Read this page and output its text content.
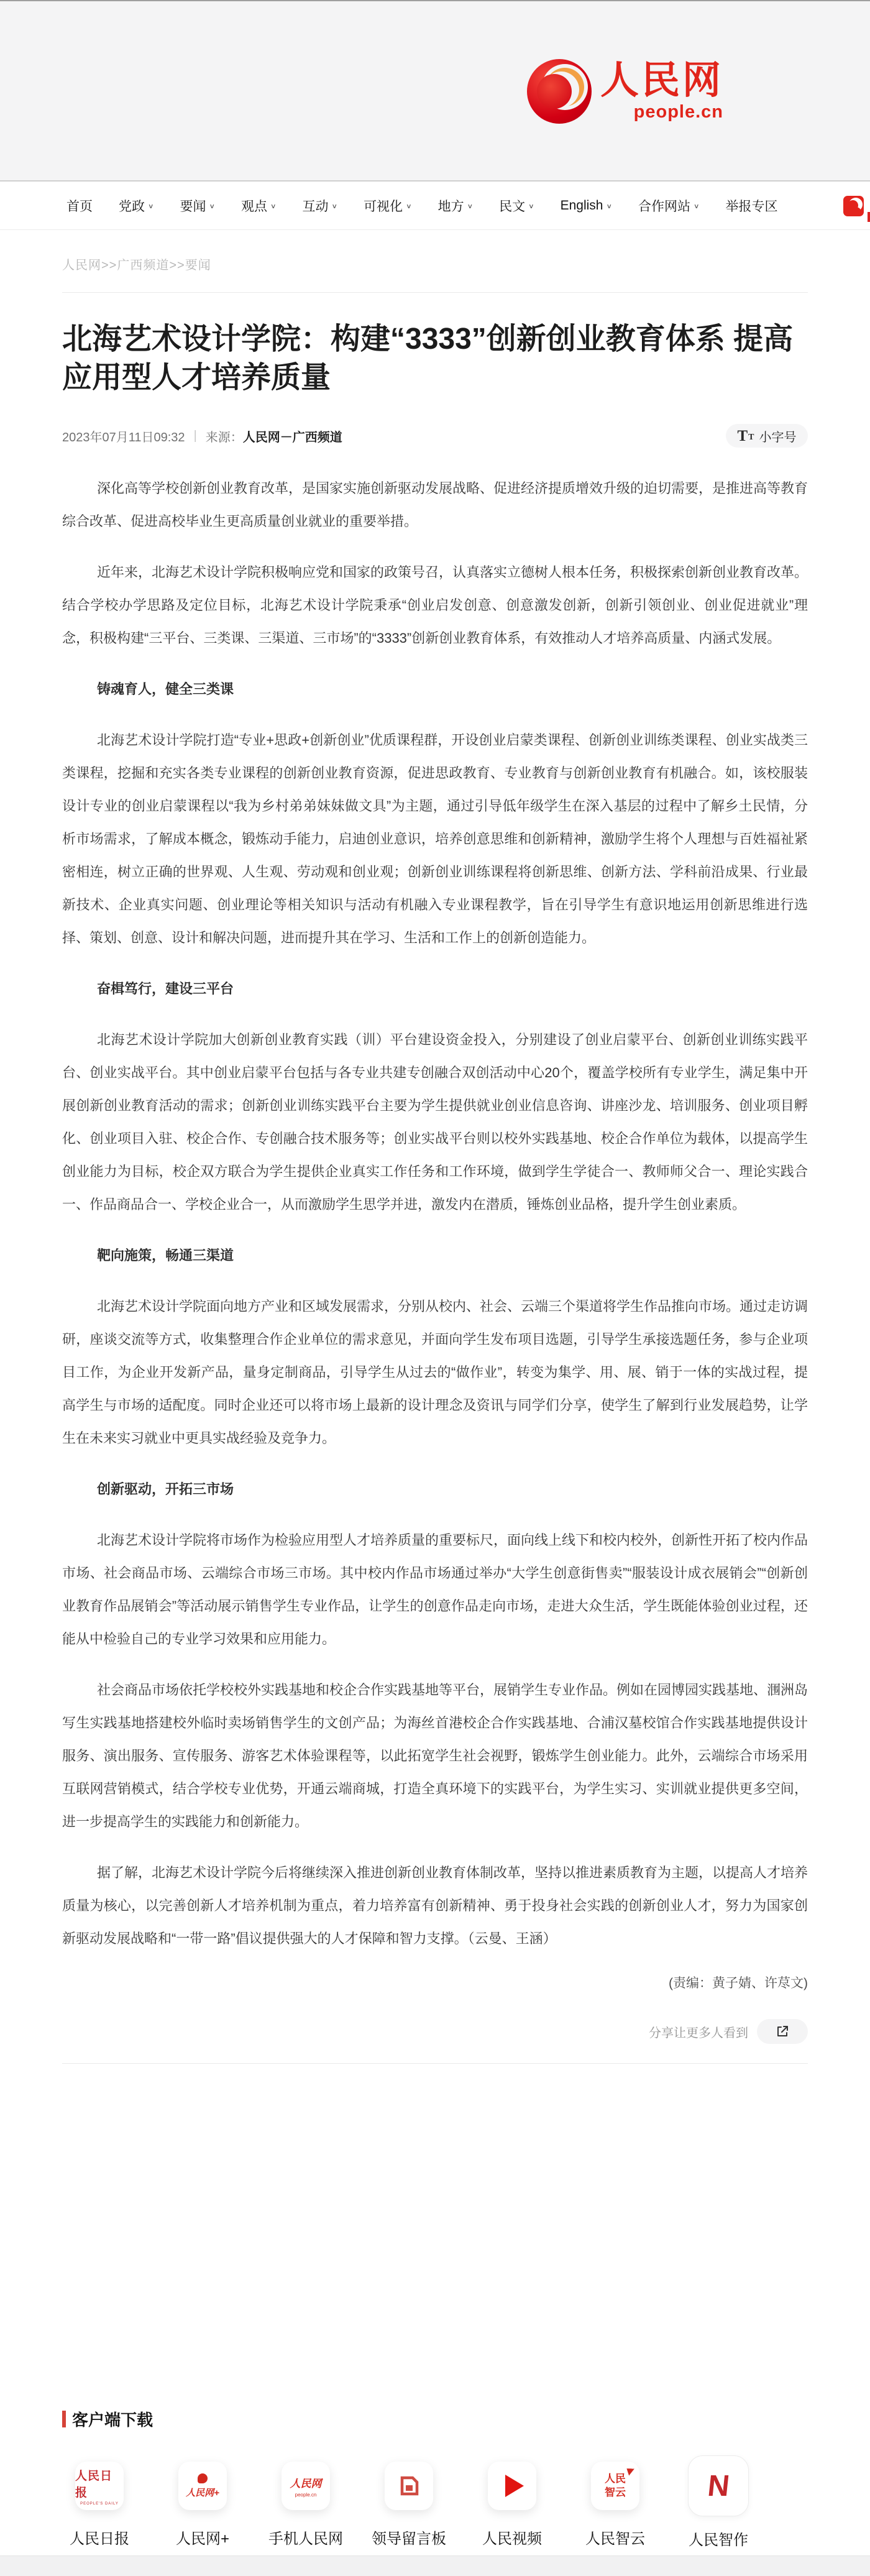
人民网
people.cn
首页 党政 ∨ 要闻 ∨ 观点 ∨ 互动 ∨ 可视化 ∨ 地方 ∨ 民文 ∨ English ∨ 合作网站 ∨ 举报专区
人民网>>广西频道>>要闻
北海艺术设计学院：构建“3333”创新创业教育体系 提高应用型人才培养质量
2023年07月11日09:32 | 来源： 人民网－广西频道	T T 小字号

深化高等学校创新创业教育改革，是国家实施创新驱动发展战略、促进经济提质增效升级的迫切需要，是推进高等教育综合改革、促进高校毕业生更高质量创业就业的重要举措。

近年来，北海艺术设计学院积极响应党和国家的政策号召，认真落实立德树人根本任务，积极探索创新创业教育改革。结合学校办学思路及定位目标，北海艺术设计学院秉承“创业启发创意、创意激发创新，创新引领创业、创业促进就业”理念，积极构建“三平台、三类课、三渠道、三市场”的“3333”创新创业教育体系，有效推动人才培养高质量、内涵式发展。

铸魂育人，健全三类课

北海艺术设计学院打造“专业+思政+创新创业”优质课程群，开设创业启蒙类课程、创新创业训练类课程、创业实战类三类课程，挖掘和充实各类专业课程的创新创业教育资源，促进思政教育、专业教育与创新创业教育有机融合。如，该校服装设计专业的创业启蒙课程以“我为乡村弟弟妹妹做文具”为主题，通过引导低年级学生在深入基层的过程中了解乡土民情，分析市场需求，了解成本概念，锻炼动手能力，启迪创业意识，培养创意思维和创新精神，激励学生将个人理想与百姓福祉紧密相连，树立正确的世界观、人生观、劳动观和创业观；创新创业训练课程将创新思维、创新方法、学科前沿成果、行业最新技术、企业真实问题、创业理论等相关知识与活动有机融入专业课程教学，旨在引导学生有意识地运用创新思维进行选择、策划、创意、设计和解决问题，进而提升其在学习、生活和工作上的创新创造能力。

奋楫笃行，建设三平台

北海艺术设计学院加大创新创业教育实践（训）平台建设资金投入，分别建设了创业启蒙平台、创新创业训练实践平台、创业实战平台。其中创业启蒙平台包括与各专业共建专创融合双创活动中心20个，覆盖学校所有专业学生，满足集中开展创新创业教育活动的需求；创新创业训练实践平台主要为学生提供就业创业信息咨询、讲座沙龙、培训服务、创业项目孵化、创业项目入驻、校企合作、专创融合技术服务等；创业实战平台则以校外实践基地、校企合作单位为载体，以提高学生创业能力为目标，校企双方联合为学生提供企业真实工作任务和工作环境，做到学生学徒合一、教师师父合一、理论实践合一、作品商品合一、学校企业合一，从而激励学生思学并进，激发内在潜质，锤炼创业品格，提升学生创业素质。

靶向施策，畅通三渠道

北海艺术设计学院面向地方产业和区域发展需求，分别从校内、社会、云端三个渠道将学生作品推向市场。通过走访调研，座谈交流等方式，收集整理合作企业单位的需求意见，并面向学生发布项目选题，引导学生承接选题任务，参与企业项目工作，为企业开发新产品，量身定制商品，引导学生从过去的“做作业”，转变为集学、用、展、销于一体的实战过程，提高学生与市场的适配度。同时企业还可以将市场上最新的设计理念及资讯与同学们分享，使学生了解到行业发展趋势，让学生在未来实习就业中更具实战经验及竞争力。

创新驱动，开拓三市场

北海艺术设计学院将市场作为检验应用型人才培养质量的重要标尺，面向线上线下和校内校外，创新性开拓了校内作品市场、社会商品市场、云端综合市场三市场。其中校内作品市场通过举办“大学生创意街售卖”“服装设计成衣展销会”“创新创业教育作品展销会”等活动展示销售学生专业作品，让学生的创意作品走向市场，走进大众生活，学生既能体验创业过程，还能从中检验自己的专业学习效果和应用能力。

社会商品市场依托学校校外实践基地和校企合作实践基地等平台，展销学生专业作品。例如在园博园实践基地、涠洲岛写生实践基地搭建校外临时卖场销售学生的文创产品；为海丝首港校企合作实践基地、合浦汉墓校馆合作实践基地提供设计服务、演出服务、宣传服务、游客艺术体验课程等，以此拓宽学生社会视野，锻炼学生创业能力。此外，云端综合市场采用互联网营销模式，结合学校专业优势，开通云端商城，打造全真环境下的实践平台，为学生实习、实训就业提供更多空间，进一步提高学生的实践能力和创新能力。

据了解，北海艺术设计学院今后将继续深入推进创新创业教育体制改革，坚持以推进素质教育为主题，以提高人才培养质量为核心，以完善创新人才培养机制为重点，着力培养富有创新精神、勇于投身社会实践的创新创业人才，努力为国家创新驱动发展战略和“一带一路”倡议提供强大的人才保障和智力支撑。（云曼、王涵）

(责编：黄子婧、许荩文)
分享让更多人看到
客户端下载
人民日报
PEOPLE'S DAILY
人民日报
人民网+
人民网+
人民网
people.cn
手机人民网 领导留言板 人民视频
人民智云
人民智云
N
人民智作
